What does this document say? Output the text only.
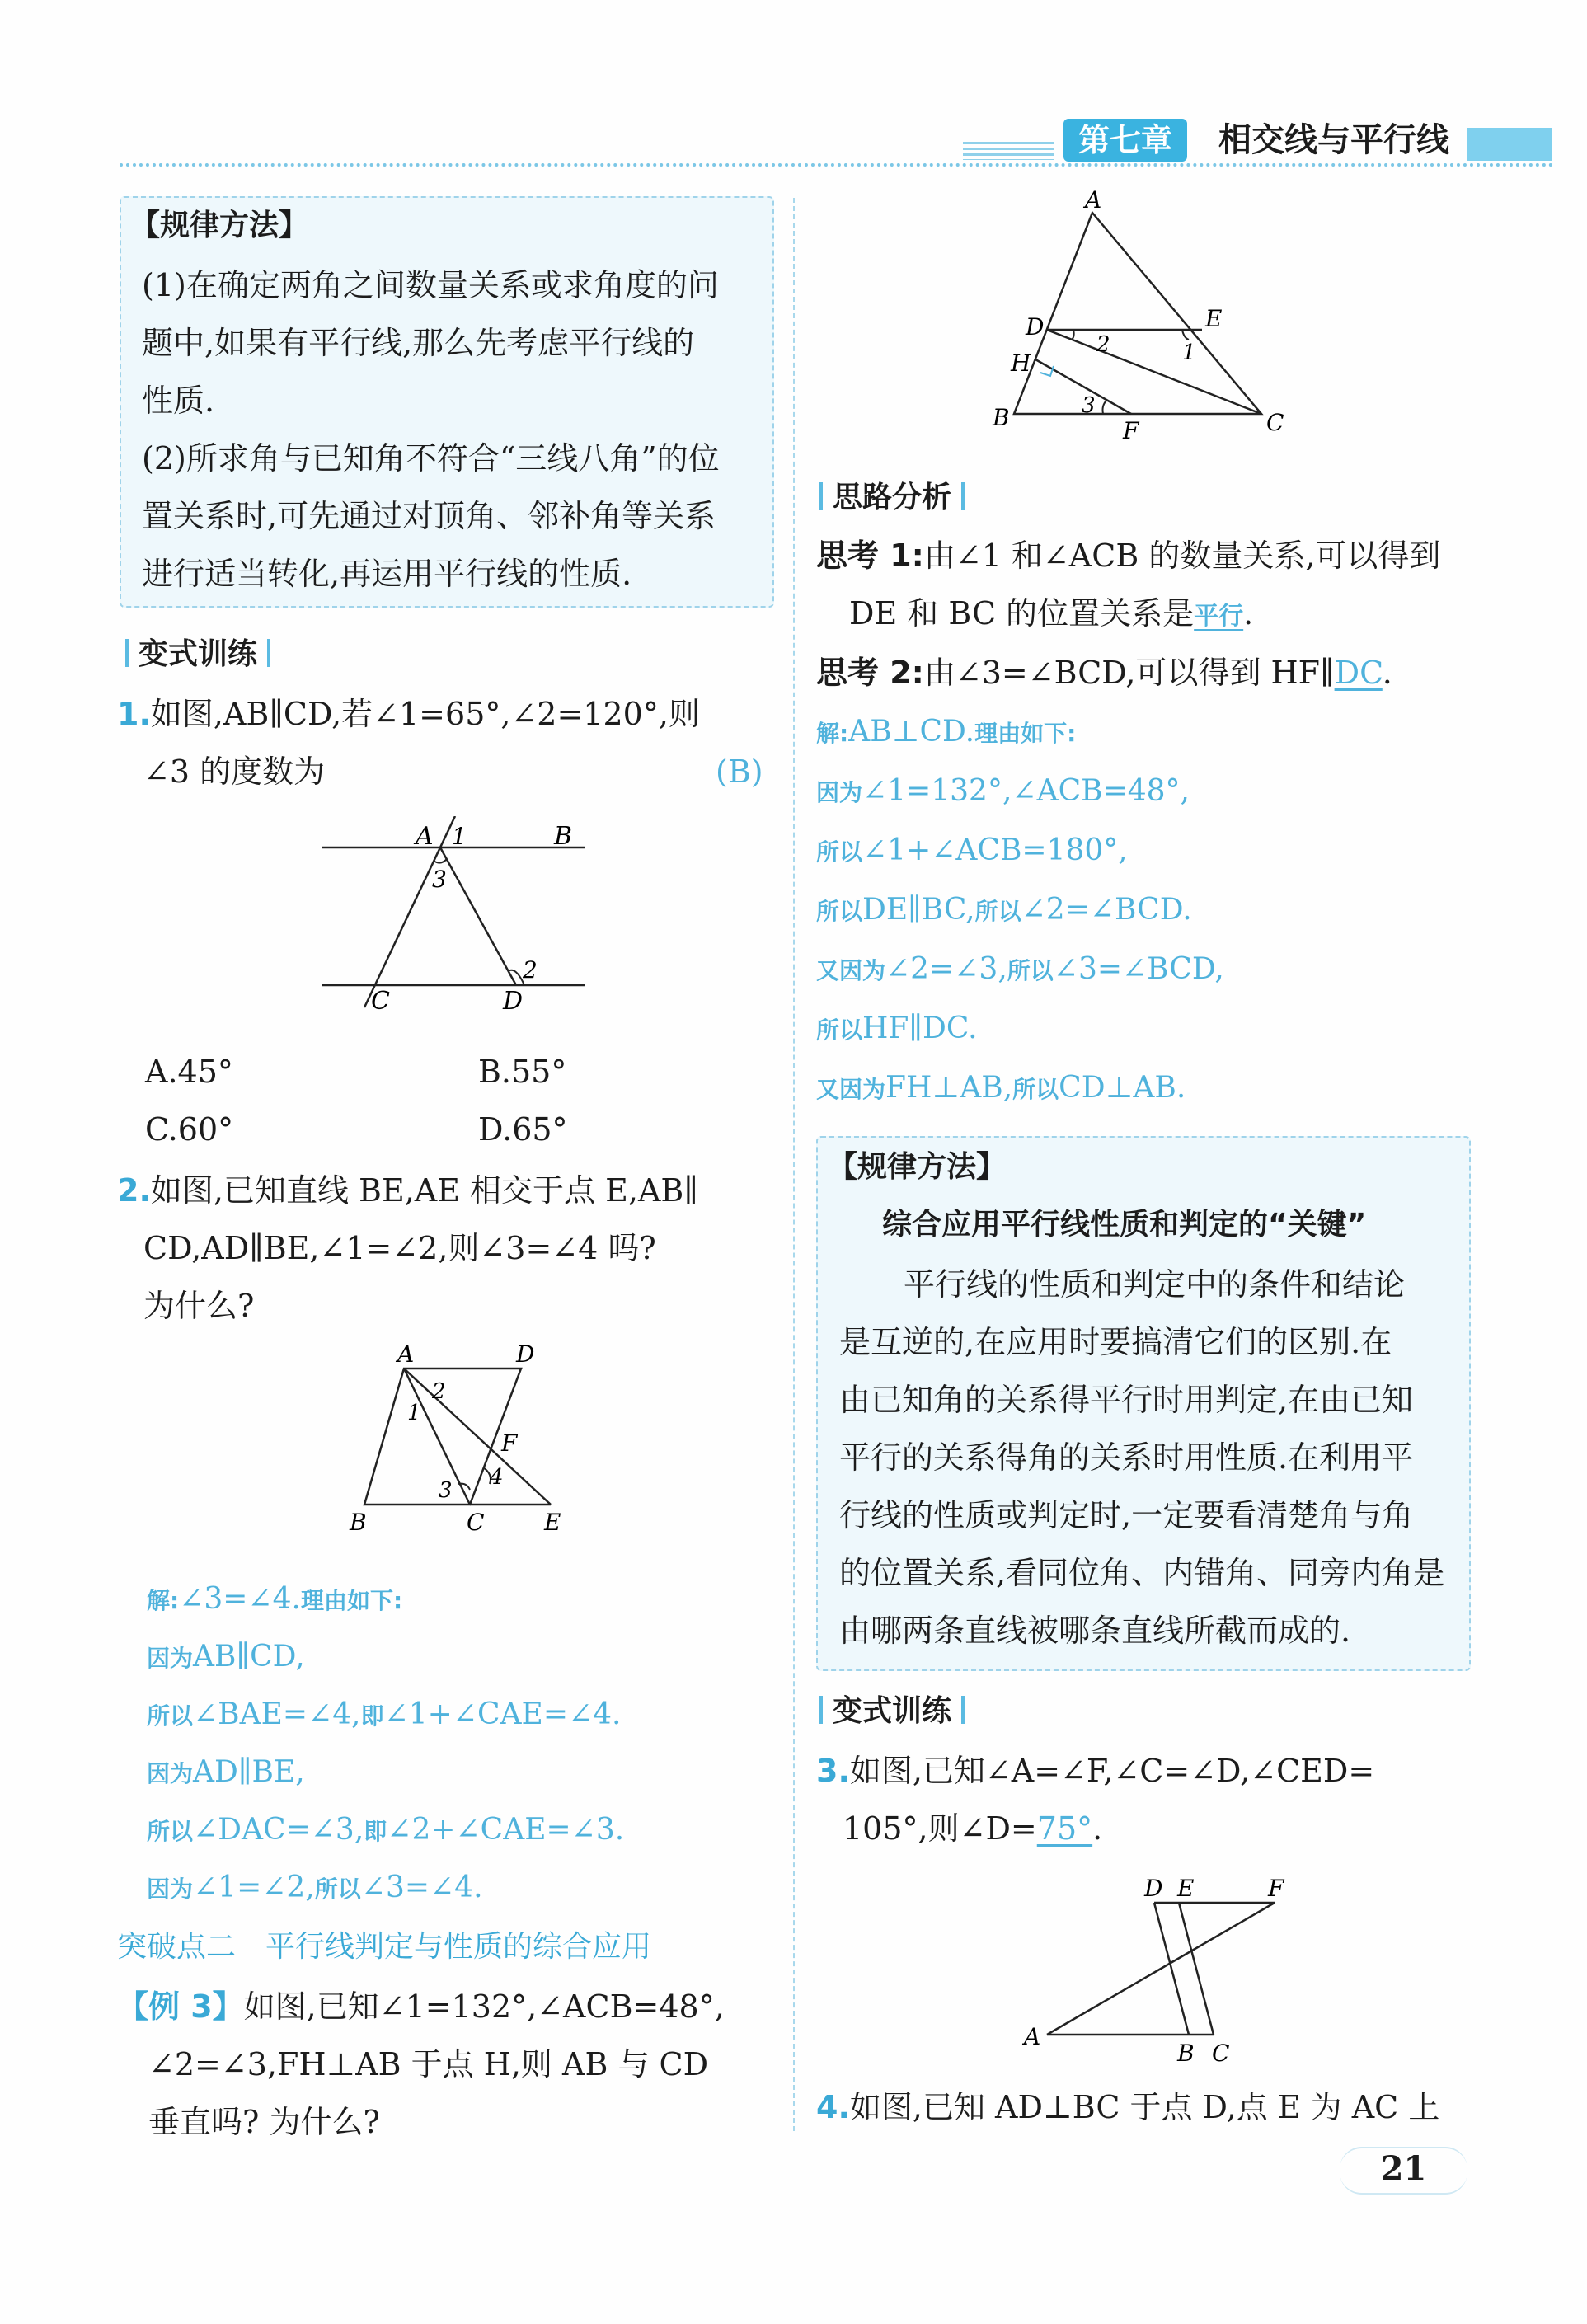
第七章	相交线与平行线
【规律方法】
(1)在确定两角之间数量关系或求角度的问
题中,如果有平行线,那么先考虑平行线的
性质.
(2)所求角与已知角不符合“三线八角”的位
置关系时,可先通过对顶角、邻补角等关系
进行适当转化,再运用平行线的性质.
变式训练
1.如图,AB∥CD,若∠1=65°,∠2=120°,则
∠3 的度数为	(B)
A 1	B
3
2
C	D
A.45°	B.55°
C.60°	D.65°
2.如图,已知直线 BE,AE 相交于点 E,AB∥
CD,AD∥BE,∠1=∠2,则∠3=∠4 吗?
为什么?
A	D
2
1
F
4
3
B	C	E
解:∠3=∠4.理由如下:
因为AB∥CD,
所以∠BAE=∠4,即∠1+∠CAE=∠4.
因为AD∥BE,
所以∠DAC=∠3,即∠2+∠CAE=∠3.
因为∠1=∠2,所以∠3=∠4.
突破点二　平行线判定与性质的综合应用
【例 3】如图,已知∠1=132°,∠ACB=48°,
∠2=∠3,FH⊥AB 于点 H,则 AB 与 CD
垂直吗? 为什么?
A
D	E
2	1
H
B	3
F	C
思路分析
思考 1:由∠1 和∠ACB 的数量关系,可以得到
DE 和 BC 的位置关系是平行.
思考 2:由∠3=∠BCD,可以得到 HF∥DC.
解:AB⊥CD.理由如下:
因为∠1=132°,∠ACB=48°,
所以∠1+∠ACB=180°,
所以DE∥BC,所以∠2=∠BCD.
又因为∠2=∠3,所以∠3=∠BCD,
所以HF∥DC.
又因为FH⊥AB,所以CD⊥AB.
【规律方法】
综合应用平行线性质和判定的“关键”
平行线的性质和判定中的条件和结论
是互逆的,在应用时要搞清它们的区别.在
由已知角的关系得平行时用判定,在由已知
平行的关系得角的关系时用性质.在利用平
行线的性质或判定时,一定要看清楚角与角
的位置关系,看同位角、内错角、同旁内角是
由哪两条直线被哪条直线所截而成的.
变式训练
3.如图,已知∠A=∠F,∠C=∠D,∠CED=
105°,则∠D=75°.
D E	F
A
B C
4.如图,已知 AD⊥BC 于点 D,点 E 为 AC 上
21
